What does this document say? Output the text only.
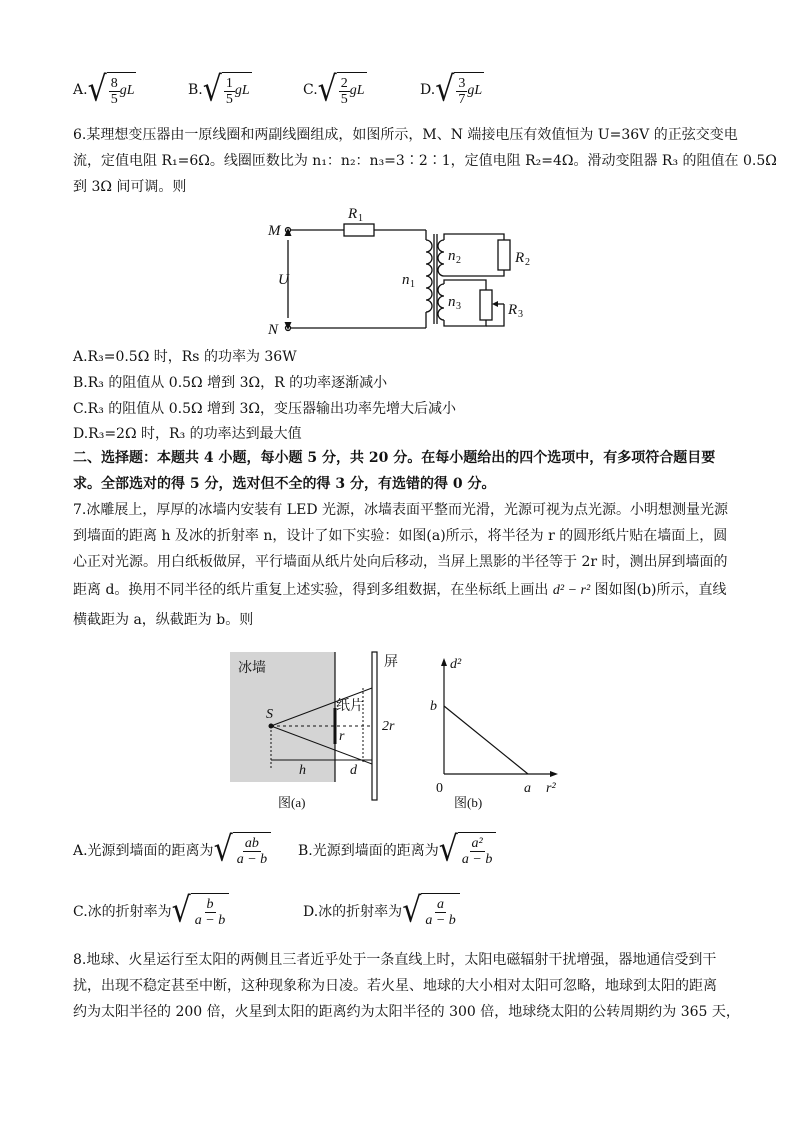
A. √ $\frac{8}{5}$ gL	B. √ $\frac{1}{5}$ gL	C. √ $\frac{2}{5}$ gL	D. √ $\frac{3}{7}$ gL
6.某理想变压器由一原线圈和两副线圈组成，如图所示，M、N 端接电压有效值恒为 U=36V 的正弦交变电
流，定值电阻 R₁=6Ω。线圈匝数比为 n₁：n₂：n₃=3∶2∶1，定值电阻 R₂=4Ω。滑动变阻器 R₃ 的阻值在 0.5Ω
到 3Ω 间可调。则
M
N
U
R
n
n
n
R
R
1
1
2
3
2
3
A.R₃=0.5Ω 时，Rs 的功率为 36W
B.R₃ 的阻值从 0.5Ω 增到 3Ω，R 的功率逐渐减小
C.R₃ 的阻值从 0.5Ω 增到 3Ω，变压器输出功率先增大后减小
D.R₃=2Ω 时，R₃ 的功率达到最大值
二、选择题：本题共 4 小题，每小题 5 分，共 20 分。在每小题给出的四个选项中，有多项符合题目要
求。全部选对的得 5 分，选对但不全的得 3 分，有选错的得 0 分。
7.冰雕展上，厚厚的冰墙内安装有 LED 光源，冰墙表面平整而光滑，光源可视为点光源。小明想测量光源
到墙面的距离 h 及冰的折射率 n，设计了如下实验：如图(a)所示，将半径为 r 的圆形纸片贴在墙面上，圆
心正对光源。用白纸板做屏，平行墙面从纸片处向后移动，当屏上黑影的半径等于 2r 时，测出屏到墙面的
距离 d。换用不同半径的纸片重复上述实验，得到多组数据，在坐标纸上画出 d² − r² 图如图(b)所示，直线
横截距为 a，纵截距为 b。则
冰墙	屏
纸片
S
r
2r
h	d
图(a)
d²
r²
b
a
0
图(b)
A.光源到墙面的距离为 √ $\frac{ab}{a - b} B$.光源到墙面的距离为 √ $\frac{\text{a²}}{a - b}$
C.冰的折射率为 √ $\frac{b}{a - b}$	D.冰的折射率为 √ $\frac{a}{a - b}$
8.地球、火星运行至太阳的两侧且三者近乎处于一条直线上时，太阳电磁辐射干扰增强，器地通信受到干
扰，出现不稳定甚至中断，这种现象称为日凌。若火星、地球的大小相对太阳可忽略，地球到太阳的距离
约为太阳半径的 200 倍，火星到太阳的距离约为太阳半径的 300 倍，地球绕太阳的公转周期约为 365 天，
